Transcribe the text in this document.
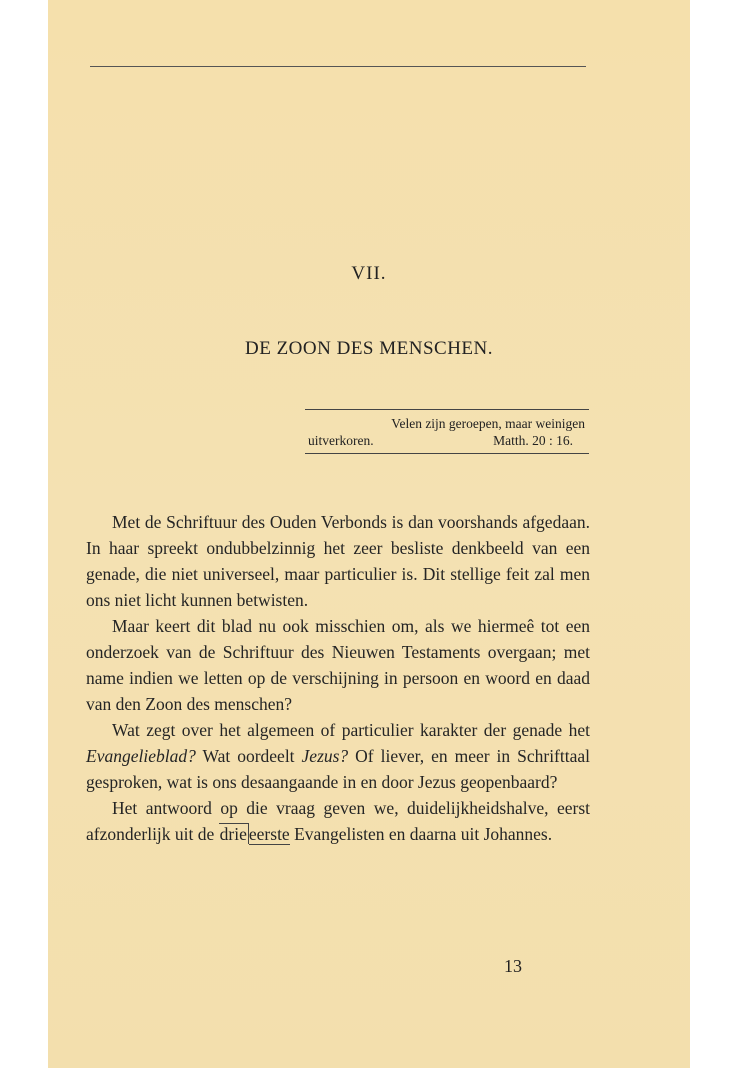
VII.
DE ZOON DES MENSCHEN.
Velen zijn geroepen, maar weinigen
uitverkoren.	Matth. 20 : 16.

Met de Schriftuur des Ouden Verbonds is dan voorshands afgedaan. In haar spreekt ondubbelzinnig het zeer besliste denkbeeld van een genade, die niet universeel, maar particulier is. Dit stellige feit zal men ons niet licht kunnen betwisten.

Maar keert dit blad nu ook misschien om, als we hiermeê tot een onderzoek van de Schriftuur des Nieuwen Testaments overgaan; met name indien we letten op de verschijning in persoon en woord en daad van den Zoon des menschen?

Wat zegt over het algemeen of particulier karakter der genade het Evangelieblad? Wat oordeelt Jezus? Of liever, en meer in Schrifttaal gesproken, wat is ons desaangaande in en door Jezus geopenbaard?

Het antwoord op die vraag geven we, duidelijkheidshalve, eerst afzonderlijk uit de drie eerste Evangelisten en daarna uit Johannes.

13
